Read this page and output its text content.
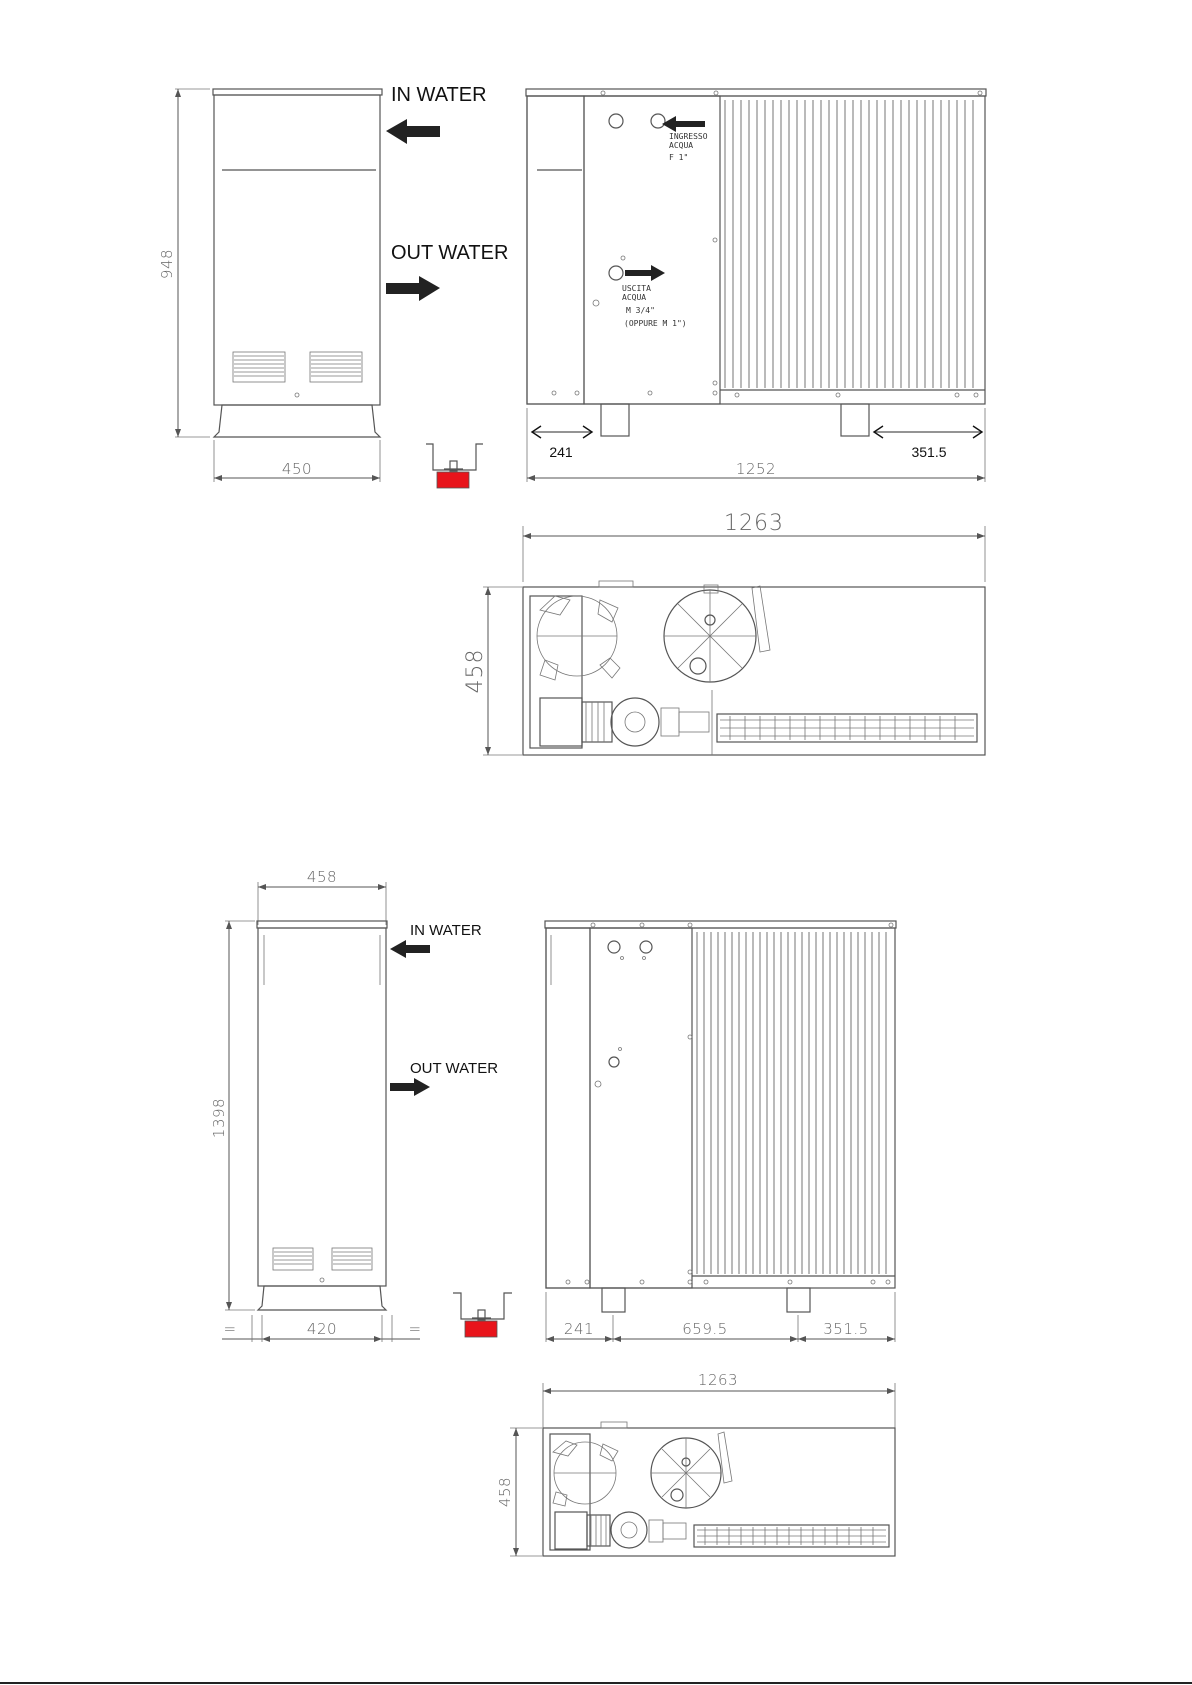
948
450
IN WATER
OUT WATER
INGRESSO
ACQUA
F 1"
USCITA
ACQUA
M 3/4"
(OPPURE M 1")
241	351.5
1252
1263
458
458
1398
420
=	=
IN WATER
OUT WATER
241	659.5	351.5
1263
458
